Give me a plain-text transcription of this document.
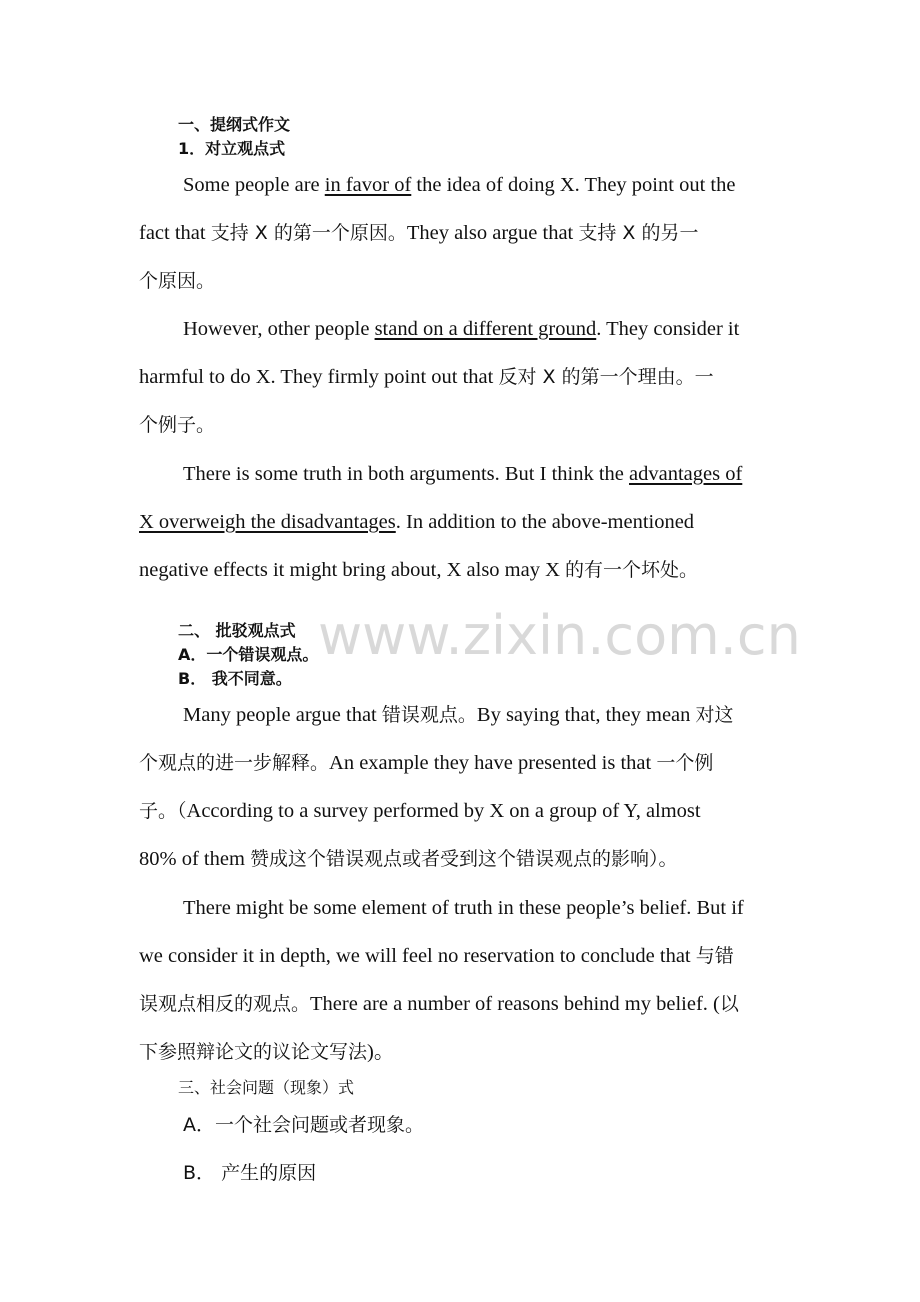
www.zixin.com.cn
一、提纲式作文
1．对立观点式
Some people are in favor of the idea of doing X. They point out the
fact that 支持 X 的第一个原因。They also argue that 支持 X 的另一
个原因。
However, other people stand on a different ground. They consider it
harmful to do X. They firmly point out that 反对 X 的第一个理由。一
个例子。
There is some truth in both arguments. But I think the advantages of
X overweigh the disadvantages. In addition to the above-mentioned
negative effects it might bring about, X also may X 的有一个坏处。
二、 批驳观点式
A．一个错误观点。
B． 我不同意。
Many people argue that 错误观点。By saying that, they mean 对这
个观点的进一步解释。An example they have presented is that 一个例
子。（According to a survey performed by X on a group of Y, almost
80% of them 赞成这个错误观点或者受到这个错误观点的影响）。
There might be some element of truth in these people’s belief. But if
we consider it in depth, we will feel no reservation to conclude that 与错
误观点相反的观点。There are a number of reasons behind my belief. (以
下参照辩论文的议论文写法)。
三、社会问题（现象）式
A．一个社会问题或者现象。
B． 产生的原因
